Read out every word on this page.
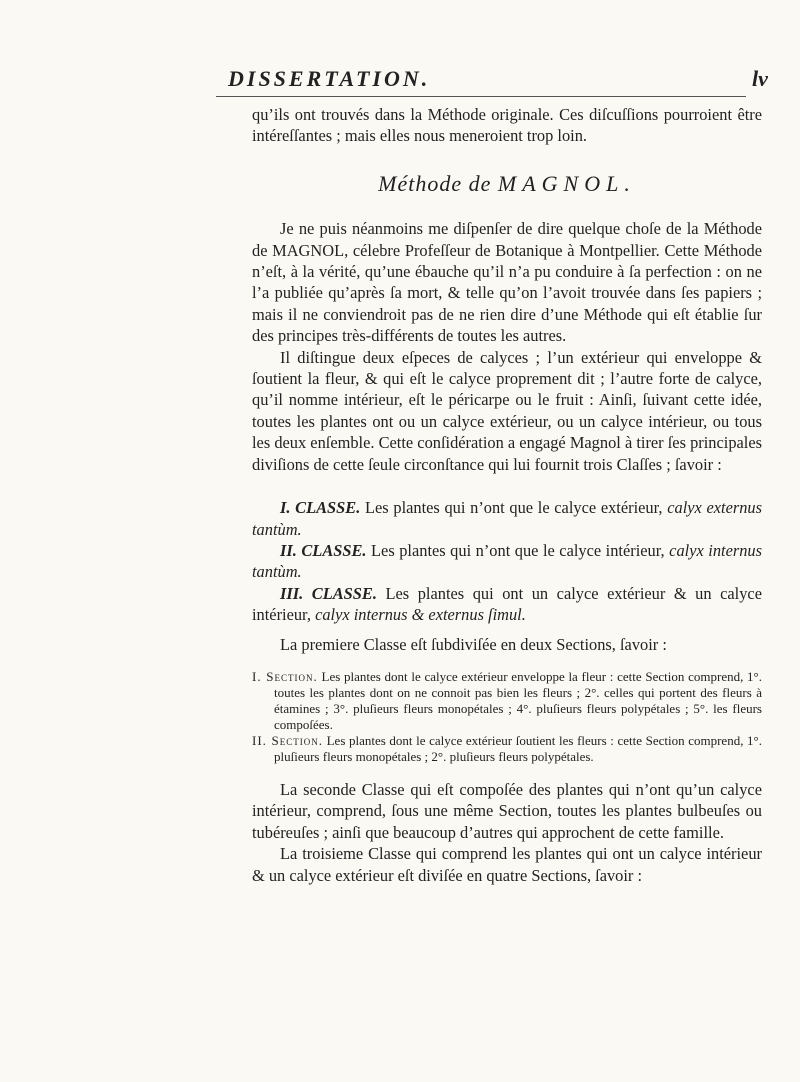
DISSERTATION.	lv

qu’ils ont trouvés dans la Méthode originale. Ces diſcuſſions pourroient être intéreſſantes ; mais elles nous meneroient trop loin.

Méthode de MAGNOL.

Je ne puis néanmoins me diſpenſer de dire quelque choſe de la Méthode de MAGNOL, célebre Profeſſeur de Botanique à Montpellier. Cette Méthode n’eſt, à la vérité, qu’une ébauche qu’il n’a pu conduire à ſa perfection : on ne l’a publiée qu’après ſa mort, & telle qu’on l’avoit trouvée dans ſes papiers ; mais il ne conviendroit pas de ne rien dire d’une Méthode qui eſt établie ſur des principes très-différents de toutes les autres.

Il diſtingue deux eſpeces de calyces ; l’un extérieur qui enveloppe & ſoutient la fleur, & qui eſt le calyce proprement dit ; l’autre forte de calyce, qu’il nomme intérieur, eſt le péricarpe ou le fruit : Ainſi, ſuivant cette idée, toutes les plantes ont ou un calyce extérieur, ou un calyce intérieur, ou tous les deux enſemble. Cette conſidération a engagé Magnol à tirer ſes principales diviſions de cette ſeule circonſtance qui lui fournit trois Claſſes ; ſavoir :

I. CLASSE. Les plantes qui n’ont que le calyce extérieur, calyx externus tantùm.

II. CLASSE. Les plantes qui n’ont que le calyce intérieur, calyx internus tantùm.

III. CLASSE. Les plantes qui ont un calyce extérieur & un calyce intérieur, calyx internus & externus ſimul.

La premiere Classe eſt ſubdiviſée en deux Sections, ſavoir :

I. Section. Les plantes dont le calyce extérieur enveloppe la fleur : cette Section comprend, 1°. toutes les plantes dont on ne connoit pas bien les fleurs ; 2°. celles qui portent des fleurs à étamines ; 3°. pluſieurs fleurs monopétales ; 4°. pluſieurs fleurs polypétales ; 5°. les fleurs compoſées.

II. Section. Les plantes dont le calyce extérieur ſoutient les fleurs : cette Section comprend, 1°. pluſieurs fleurs monopétales ; 2°. pluſieurs fleurs polypétales.

La seconde Classe qui eſt compoſée des plantes qui n’ont qu’un calyce intérieur, comprend, ſous une même Section, toutes les plantes bulbeuſes ou tubéreuſes ; ainſi que beaucoup d’autres qui approchent de cette famille.

La troisieme Classe qui comprend les plantes qui ont un calyce intérieur & un calyce extérieur eſt diviſée en quatre Sections, ſavoir :
